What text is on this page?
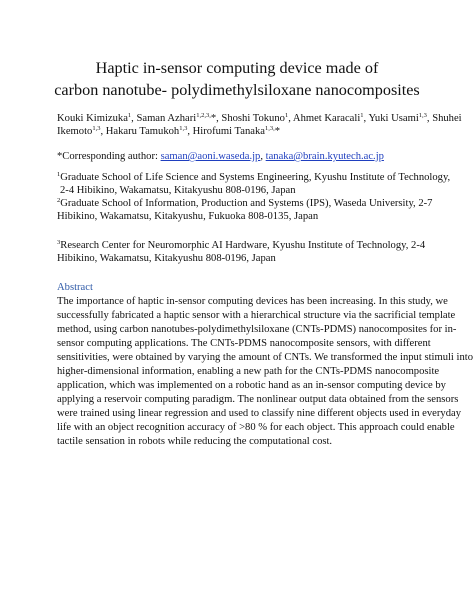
Haptic in-sensor computing device made of
carbon nanotube- polydimethylsiloxane nanocomposites
Kouki Kimizuka$^1$, Saman Azhari$^{1,2,3,}$*, Shoshi Tokuno$^1$, Ahmet Karacali$^1$, Yuki Usami$^{1,3}$, Shuhei
Ikemoto$^{1,3}$, Hakaru Tamukoh$^{1,3}$, Hirofumi Tanaka$^{1,3,}$*
*Corresponding author: saman@aoni.waseda.jp, tanaka@brain.kyutech.ac.jp
$^1$Graduate School of Life Science and Systems Engineering, Kyushu Institute of Technology,
2-4 Hibikino, Wakamatsu, Kitakyushu 808-0196, Japan
$^2$Graduate School of Information, Production and Systems (IPS), Waseda University, 2-7
Hibikino, Wakamatsu, Kitakyushu, Fukuoka 808-0135, Japan
$^3$Research Center for Neuromorphic AI Hardware, Kyushu Institute of Technology, 2-4
Hibikino, Wakamatsu, Kitakyushu 808-0196, Japan
Abstract
The importance of haptic in-sensor computing devices has been increasing. In this study, we
successfully fabricated a haptic sensor with a hierarchical structure via the sacrificial template
method, using carbon nanotubes-polydimethylsiloxane (CNTs-PDMS) nanocomposites for in-
sensor computing applications. The CNTs-PDMS nanocomposite sensors, with different
sensitivities, were obtained by varying the amount of CNTs. We transformed the input stimuli into
higher-dimensional information, enabling a new path for the CNTs-PDMS nanocomposite
application, which was implemented on a robotic hand as an in-sensor computing device by
applying a reservoir computing paradigm. The nonlinear output data obtained from the sensors
were trained using linear regression and used to classify nine different objects used in everyday
life with an object recognition accuracy of >80 % for each object. This approach could enable
tactile sensation in robots while reducing the computational cost.
